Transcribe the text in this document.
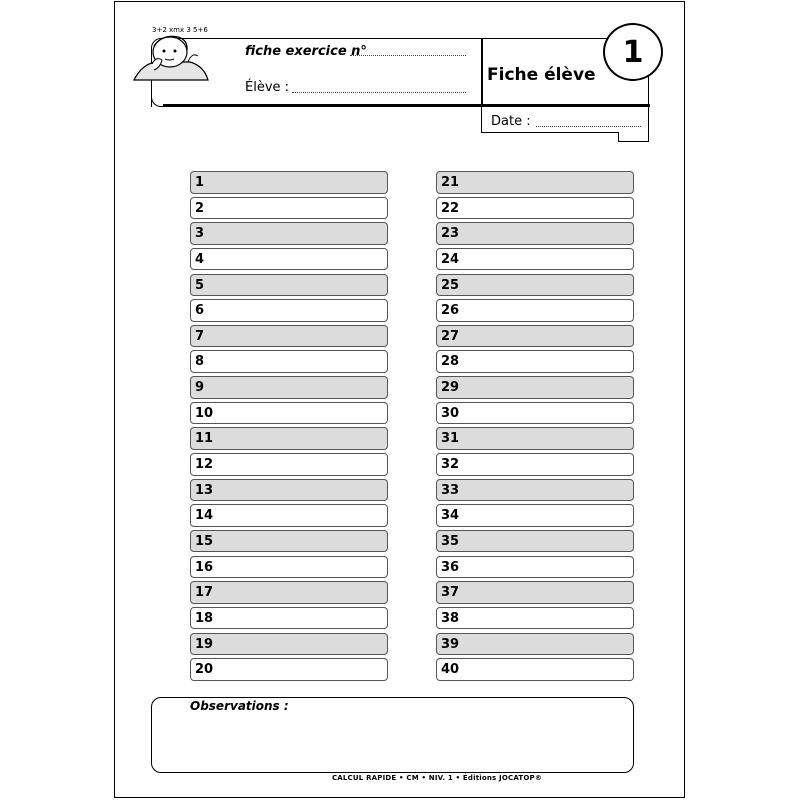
3+2 xmx 3 5+6
fiche exercice n°
Élève :
Fiche élève
1
Date :
1
2
3
4
5
6
7
8
9
10
11
12
13
14
15
16
17
18
19
20
21
22
23
24
25
26
27
28
29
30
31
32
33
34
35
36
37
38
39
40
Observations :
CALCUL RAPIDE • CM • NIV. 1 • Éditions JOCATOP®
